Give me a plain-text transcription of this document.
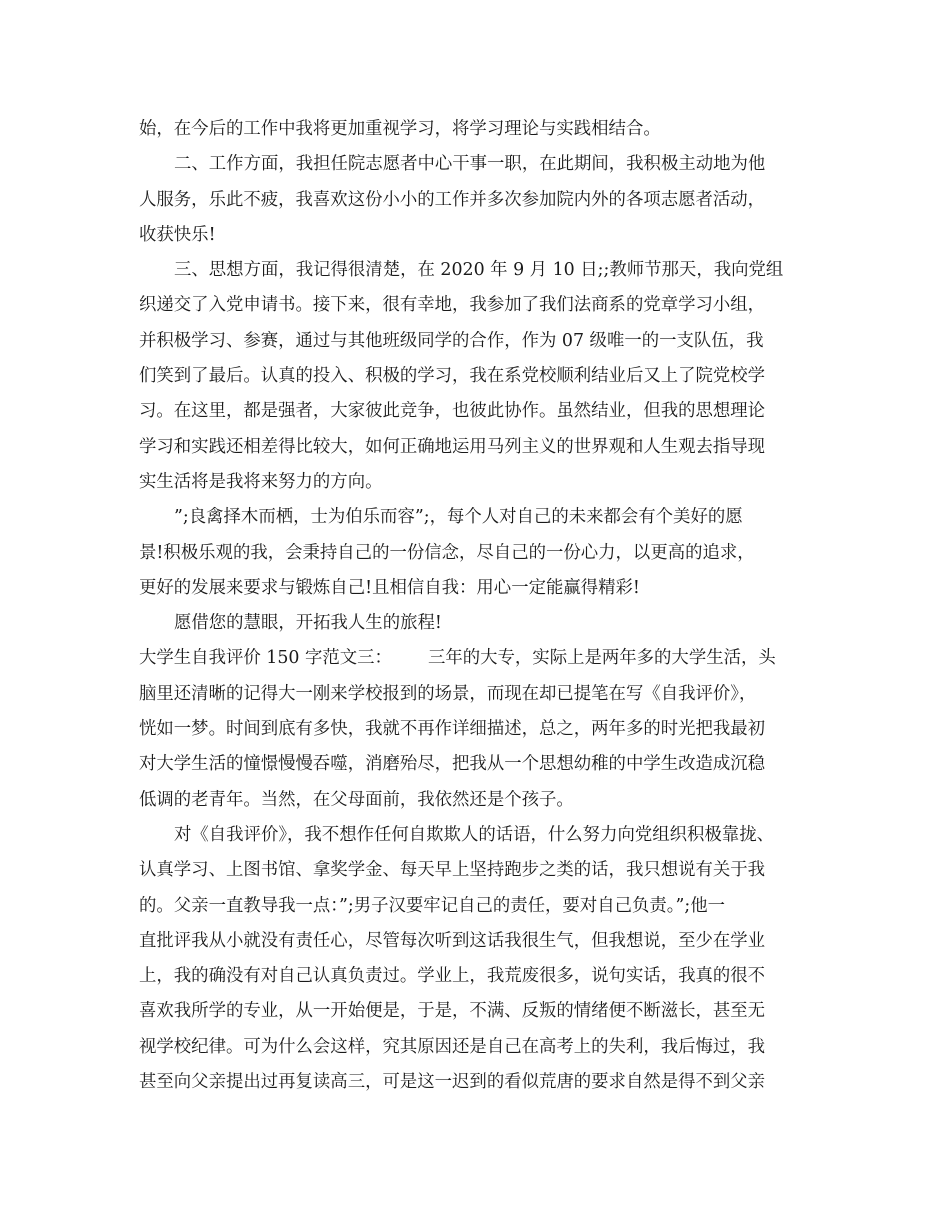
始，在今后的工作中我将更加重视学习，将学习理论与实践相结合。
二、工作方面，我担任院志愿者中心干事一职，在此期间，我积极主动地为他
人服务，乐此不疲，我喜欢这份小小的工作并多次参加院内外的各项志愿者活动，
收获快乐!
三、思想方面，我记得很清楚，在 2020 年 9 月 10 日;;教师节那天，我向党组
织递交了入党申请书。接下来，很有幸地，我参加了我们法商系的党章学习小组，
并积极学习、参赛，通过与其他班级同学的合作，作为 07 级唯一的一支队伍，我
们笑到了最后。认真的投入、积极的学习，我在系党校顺利结业后又上了院党校学
习。在这里，都是强者，大家彼此竞争，也彼此协作。虽然结业，但我的思想理论
学习和实践还相差得比较大，如何正确地运用马列主义的世界观和人生观去指导现
实生活将是我将来努力的方向。
”;良禽择木而栖，士为伯乐而容”;，每个人对自己的未来都会有个美好的愿
景!积极乐观的我，会秉持自己的一份信念，尽自己的一份心力，以更高的追求，
更好的发展来要求与锻炼自己!且相信自我：用心一定能赢得精彩!
愿借您的慧眼，开拓我人生的旅程!
大学生自我评价 150 字范文三： 三年的大专，实际上是两年多的大学生活，头
脑里还清晰的记得大一刚来学校报到的场景，而现在却已提笔在写《自我评价》，
恍如一梦。时间到底有多快，我就不再作详细描述，总之，两年多的时光把我最初
对大学生活的憧憬慢慢吞噬，消磨殆尽，把我从一个思想幼稚的中学生改造成沉稳
低调的老青年。当然，在父母面前，我依然还是个孩子。
对《自我评价》，我不想作任何自欺欺人的话语，什么努力向党组织积极靠拢、
认真学习、上图书馆、拿奖学金、每天早上坚持跑步之类的话，我只想说有关于我
的。父亲一直教导我一点：”;男子汉要牢记自己的责任，要对自己负责。”;他一
直批评我从小就没有责任心，尽管每次听到这话我很生气，但我想说，至少在学业
上，我的确没有对自己认真负责过。学业上，我荒废很多，说句实话，我真的很不
喜欢我所学的专业，从一开始便是，于是，不满、反叛的情绪便不断滋长，甚至无
视学校纪律。可为什么会这样，究其原因还是自己在高考上的失利，我后悔过，我
甚至向父亲提出过再复读高三，可是这一迟到的看似荒唐的要求自然是得不到父亲
